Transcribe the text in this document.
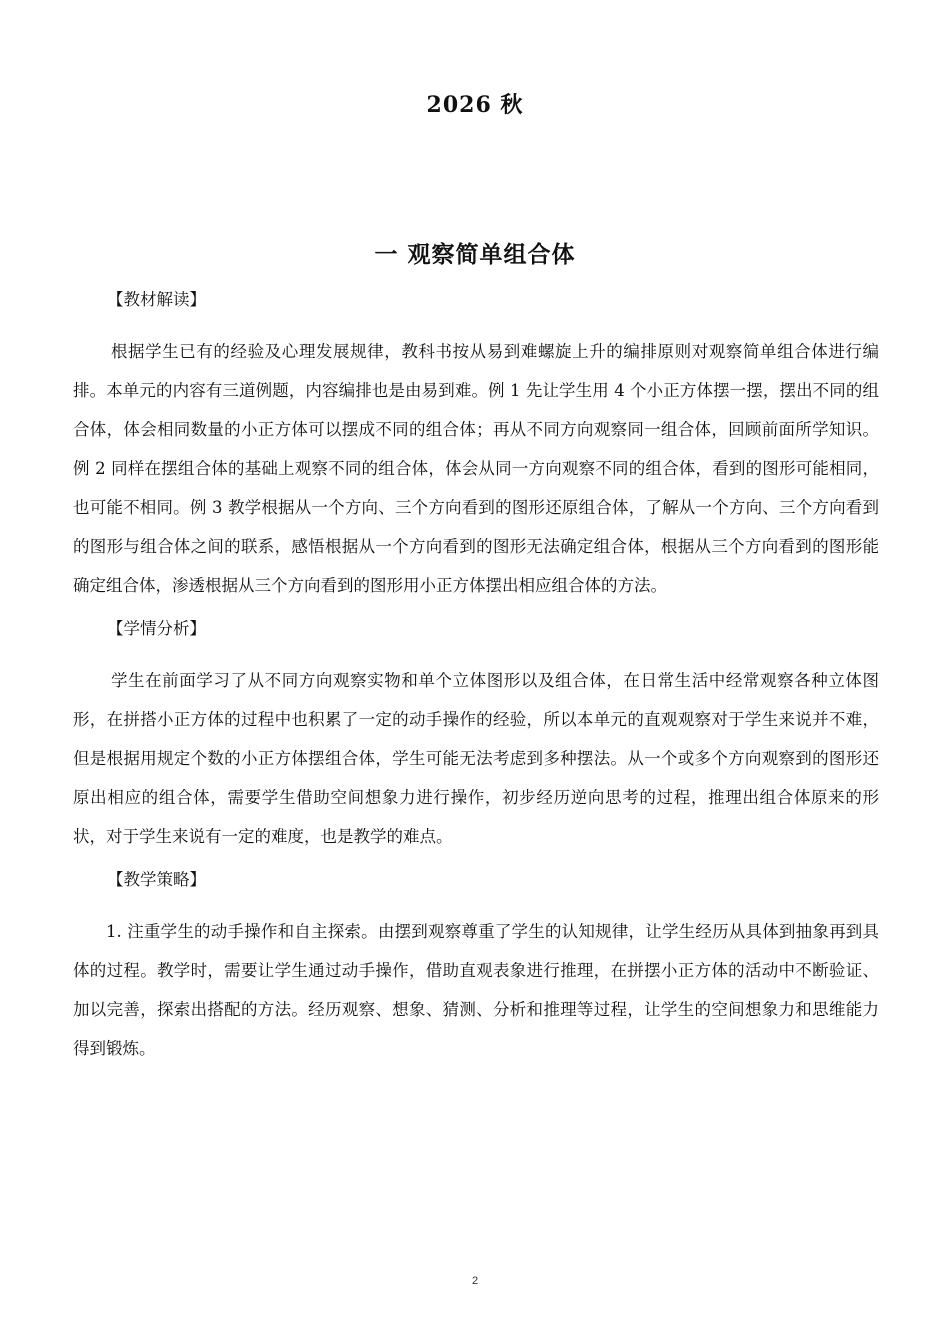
2026 秋
一 观察简单组合体

【教材解读】

根据学生已有的经验及心理发展规律，教科书按从易到难螺旋上升的编排原则对观察简单组合体进行编排。本单元的内容有三道例题，内容编排也是由易到难。例 1 先让学生用 4 个小正方体摆一摆，摆出不同的组合体，体会相同数量的小正方体可以摆成不同的组合体；再从不同方向观察同一组合体，回顾前面所学知识。例 2 同样在摆组合体的基础上观察不同的组合体，体会从同一方向观察不同的组合体，看到的图形可能相同，也可能不相同。例 3 教学根据从一个方向、三个方向看到的图形还原组合体，了解从一个方向、三个方向看到的图形与组合体之间的联系，感悟根据从一个方向看到的图形无法确定组合体，根据从三个方向看到的图形能确定组合体，渗透根据从三个方向看到的图形用小正方体摆出相应组合体的方法。

【学情分析】

学生在前面学习了从不同方向观察实物和单个立体图形以及组合体，在日常生活中经常观察各种立体图形，在拼搭小正方体的过程中也积累了一定的动手操作的经验，所以本单元的直观观察对于学生来说并不难，但是根据用规定个数的小正方体摆组合体，学生可能无法考虑到多种摆法。从一个或多个方向观察到的图形还原出相应的组合体，需要学生借助空间想象力进行操作，初步经历逆向思考的过程，推理出组合体原来的形状，对于学生来说有一定的难度，也是教学的难点。

【教学策略】

1. 注重学生的动手操作和自主探索。由摆到观察尊重了学生的认知规律，让学生经历从具体到抽象再到具体的过程。教学时，需要让学生通过动手操作，借助直观表象进行推理，在拼摆小正方体的活动中不断验证、加以完善，探索出搭配的方法。经历观察、想象、猜测、分析和推理等过程，让学生的空间想象力和思维能力得到锻炼。

2
